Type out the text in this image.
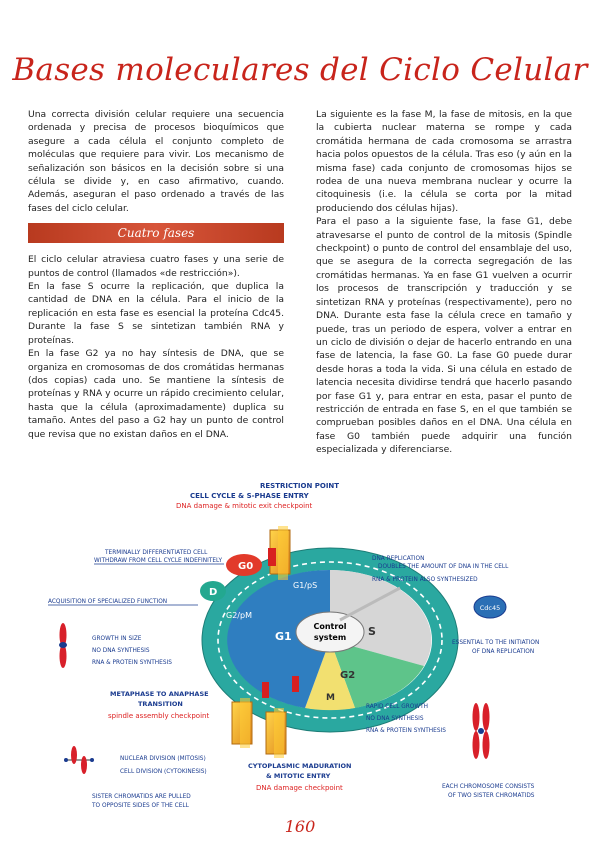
Bases moleculares del Ciclo Celular

Una correcta división celular requiere una secuencia ordenada y precisa de procesos bioquímicos que asegure a cada célula el conjunto completo de moléculas que requiere para vivir. Los mecanismo de señalización son básicos en la decisión sobre si una célula se divide y, en caso afirmativo, cuando. Además, aseguran el paso ordenado a través de las fases del ciclo celular.

Cuatro fases

El ciclo celular atraviesa cuatro fases y una serie de puntos de control (llamados «de restricción»).

En la fase S ocurre la replicación, que duplica la cantidad de DNA en la célula. Para el inicio de la replicación en esta fase es esencial la proteína Cdc45. Durante la fase S se sintetizan también RNA y proteínas.

En la fase G2 ya no hay síntesis de DNA, que se organiza en cromosomas de dos cromátidas hermanas (dos copias) cada uno. Se mantiene la síntesis de proteínas y RNA y ocurre un rápido crecimiento celular, hasta que la célula (aproximadamente) duplica su tamaño. Antes del paso a G2 hay un punto de control que revisa que no existan daños en el DNA.

La siguiente es la fase M, la fase de mitosis, en la que la cubierta nuclear materna se rompe y cada cromátida hermana de cada cromosoma se arrastra hacia polos opuestos de la célula. Tras eso (y aún en la misma fase) cada conjunto de cromosomas hijos se rodea de una nueva membrana nuclear y ocurre la citoquinesis (i.e. la célula se corta por la mitad produciendo dos células hijas).

Para el paso a la siguiente fase, la fase G1, debe atravesarse el punto de control de la mitosis (Spindle checkpoint) o punto de control del ensamblaje del uso, que se asegura de la correcta segregación de las cromátidas hermanas. Ya en fase G1 vuelven a ocurrir los procesos de transcripción y traducción y se sintetizan RNA y proteínas (respectivamente), pero no DNA. Durante esta fase la célula crece en tamaño y puede, tras un periodo de espera, volver a entrar en un ciclo de división o dejar de hacerlo entrando en una fase de latencia, la fase G0. La fase G0 puede durar desde horas a toda la vida. Si una célula en estado de latencia necesita dividirse tendrá que hacerlo pasando por fase G1 y, para entrar en esta, pasar el punto de restricción de entrada en fase S, en el que también se comprueban posibles daños en el DNA. Una célula en fase G0 también puede adquirir una función especializada y diferenciarse.

Control
system
G1	S
G2
M
G1/pS
G2/pM
G0
D
RESTRICTION POINT
CELL CYCLE & S-PHASE ENTRY
DNA damage & mitotic exit checkpoint
TERMINALLY DIFFERENTIATED CELL
WITHDRAW FROM CELL CYCLE INDEFINITELY
ACQUISITION OF SPECIALIZED FUNCTION
GROWTH IN SIZE
NO DNA SYNTHESIS
RNA & PROTEIN SYNTHESIS
METAPHASE TO ANAPHASE
TRANSITION
spindle assembly checkpoint
NUCLEAR DIVISION (MITOSIS)
CELL DIVISION (CYTOKINESIS)
SISTER CHROMATIDS ARE PULLED
TO OPPOSITE SIDES OF THE CELL
DNA REPLICATION
DOUBLES THE AMOUNT OF DNA IN THE CELL
RNA & PROTEIN ALSO SYNTHESIZED
Cdc45
ESSENTIAL TO THE INITIATION
OF DNA REPLICATION
RAPID CELL GROWTH
NO DNA SYNTHESIS
RNA & PROTEIN SYNTHESIS
CYTOPLASMIC MADURATION
& MITOTIC ENTRY
DNA damage checkpoint	EACH CHROMOSOME CONSISTS
OF TWO SISTER CHROMATIDS
160
